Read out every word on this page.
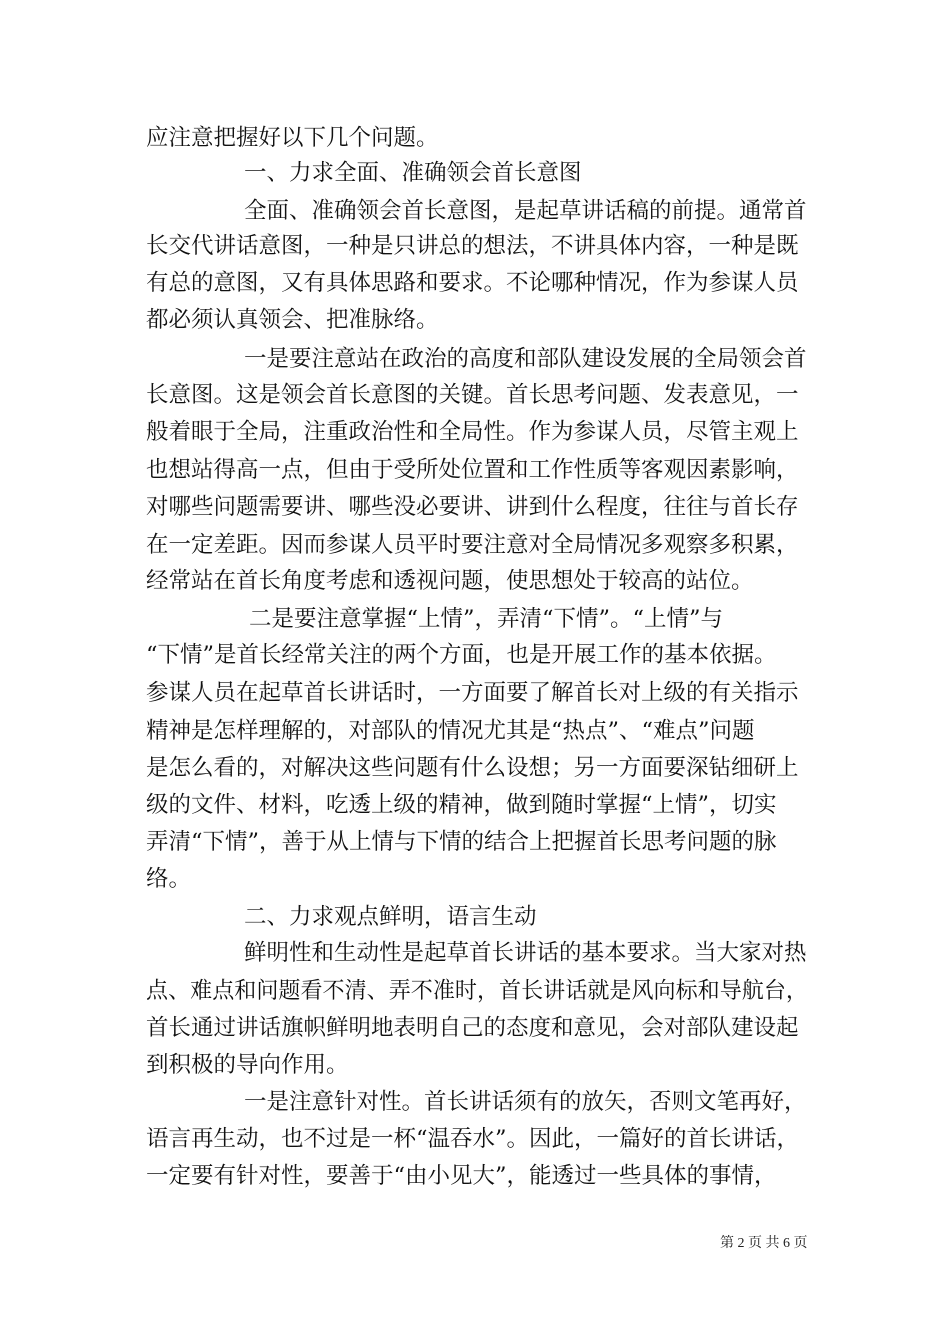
应注意把握好以下几个问题。

一、力求全面、准确领会首长意图

全面、准确领会首长意图，是起草讲话稿的前提。通常首

长交代讲话意图，一种是只讲总的想法，不讲具体内容，一种是既

有总的意图，又有具体思路和要求。不论哪种情况，作为参谋人员

都必须认真领会、把准脉络。

一是要注意站在政治的高度和部队建设发展的全局领会首

长意图。这是领会首长意图的关键。首长思考问题、发表意见，一

般着眼于全局，注重政治性和全局性。作为参谋人员，尽管主观上

也想站得高一点，但由于受所处位置和工作性质等客观因素影响，

对哪些问题需要讲、哪些没必要讲、讲到什么程度，往往与首长存

在一定差距。因而参谋人员平时要注意对全局情况多观察多积累，

经常站在首长角度考虑和透视问题，使思想处于较高的站位。

二是要注意掌握“上情”，弄清“下情”。“上情”与

“下情”是首长经常关注的两个方面，也是开展工作的基本依据。

参谋人员在起草首长讲话时，一方面要了解首长对上级的有关指示

精神是怎样理解的，对部队的情况尤其是“热点”、“难点”问题

是怎么看的，对解决这些问题有什么设想；另一方面要深钻细研上

级的文件、材料，吃透上级的精神，做到随时掌握“上情”，切实

弄清“下情”，善于从上情与下情的结合上把握首长思考问题的脉

络。

二、力求观点鲜明，语言生动

鲜明性和生动性是起草首长讲话的基本要求。当大家对热

点、难点和问题看不清、弄不准时，首长讲话就是风向标和导航台，

首长通过讲话旗帜鲜明地表明自己的态度和意见，会对部队建设起

到积极的导向作用。

一是注意针对性。首长讲话须有的放矢，否则文笔再好，

语言再生动，也不过是一杯“温吞水”。因此，一篇好的首长讲话，

一定要有针对性，要善于“由小见大”，能透过一些具体的事情，

第 2 页 共 6 页
